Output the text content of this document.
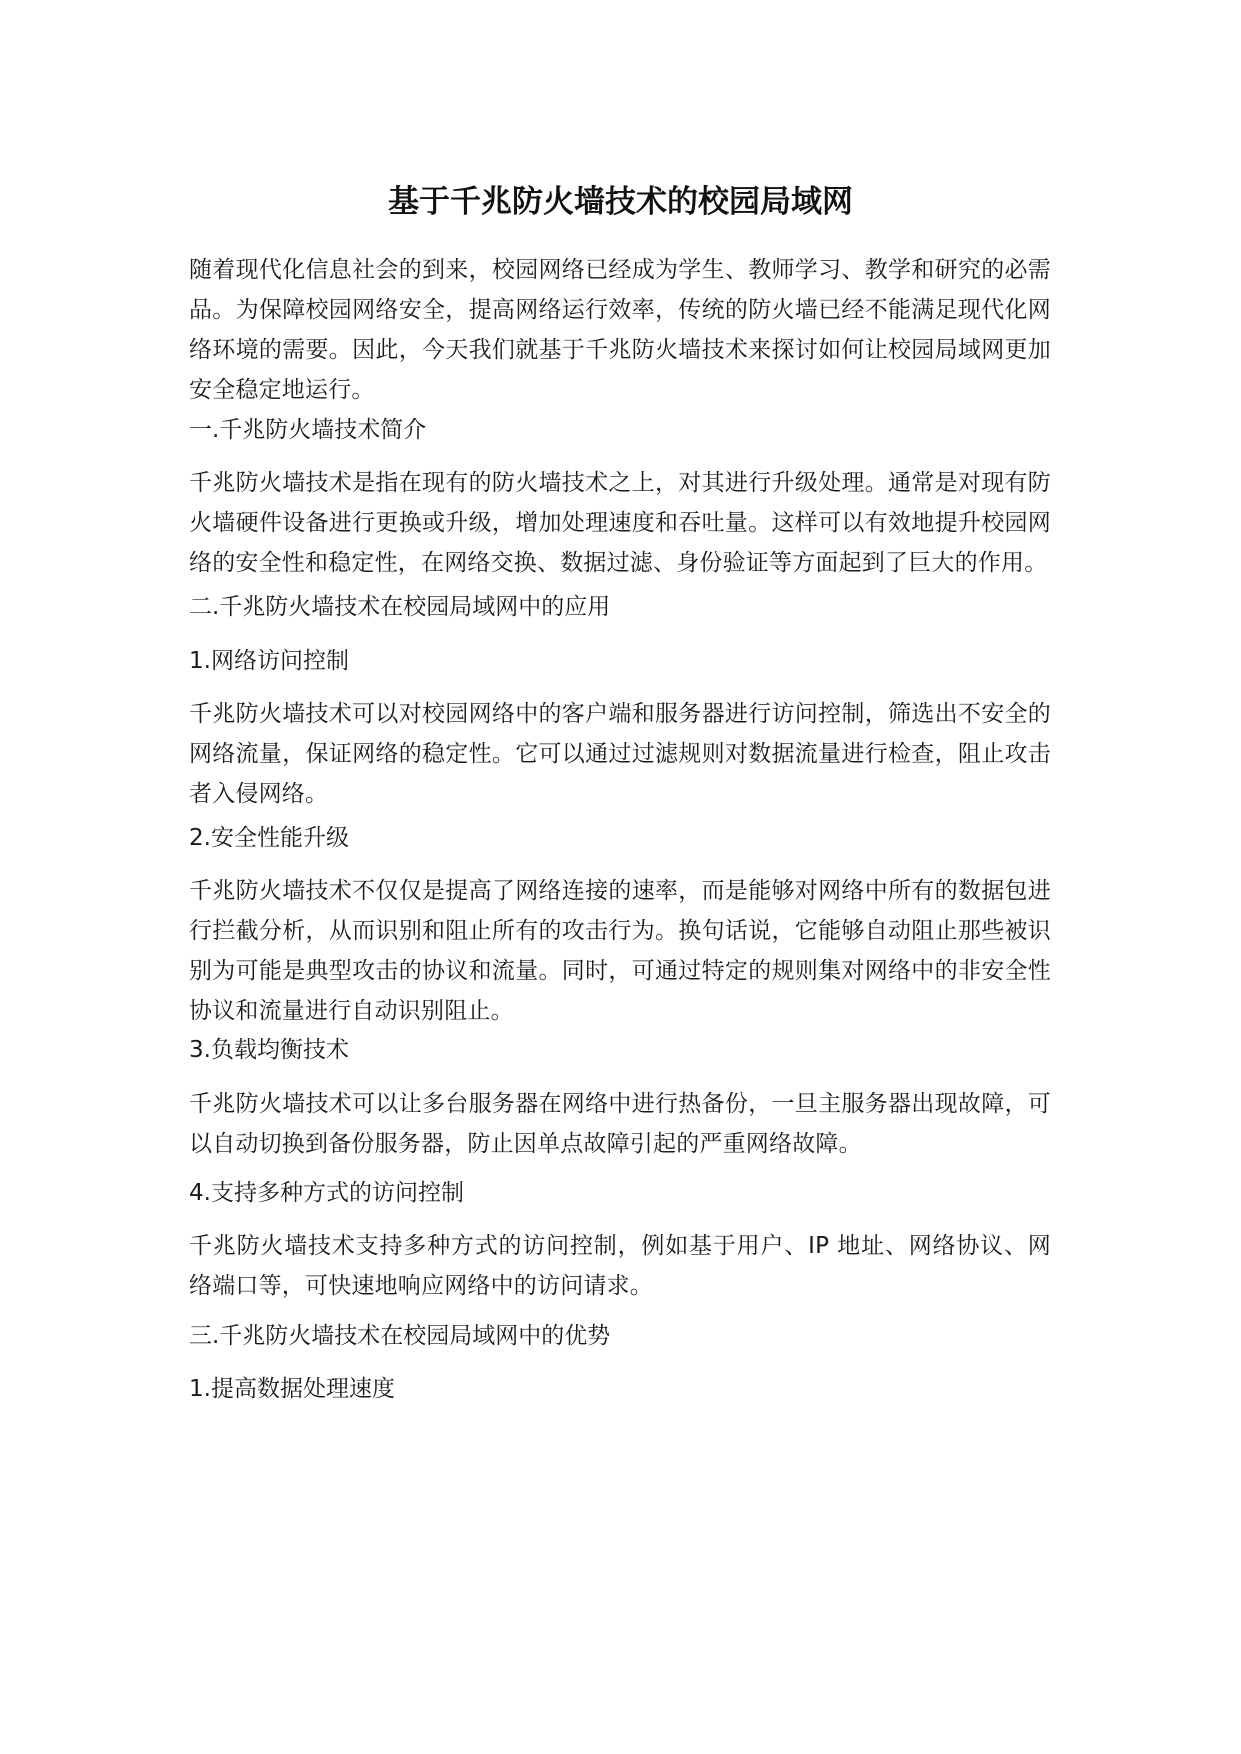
基于千兆防火墙技术的校园局域网

随着现代化信息社会的到来，校园网络已经成为学生、教师学习、教学和研究的必需品。为保障校园网络安全，提高网络运行效率，传统的防火墙已经不能满足现代化网络环境的需要。因此，今天我们就基于千兆防火墙技术来探讨如何让校园局域网更加安全稳定地运行。

一.千兆防火墙技术简介

千兆防火墙技术是指在现有的防火墙技术之上，对其进行升级处理。通常是对现有防火墙硬件设备进行更换或升级，增加处理速度和吞吐量。这样可以有效地提升校园网络的安全性和稳定性，在网络交换、数据过滤、身份验证等方面起到了巨大的作用。

二.千兆防火墙技术在校园局域网中的应用

1.网络访问控制

千兆防火墙技术可以对校园网络中的客户端和服务器进行访问控制，筛选出不安全的网络流量，保证网络的稳定性。它可以通过过滤规则对数据流量进行检查，阻止攻击者入侵网络。

2.安全性能升级

千兆防火墙技术不仅仅是提高了网络连接的速率，而是能够对网络中所有的数据包进行拦截分析，从而识别和阻止所有的攻击行为。换句话说，它能够自动阻止那些被识别为可能是典型攻击的协议和流量。同时，可通过特定的规则集对网络中的非安全性协议和流量进行自动识别阻止。

3.负载均衡技术

千兆防火墙技术可以让多台服务器在网络中进行热备份，一旦主服务器出现故障，可以自动切换到备份服务器，防止因单点故障引起的严重网络故障。

4.支持多种方式的访问控制

千兆防火墙技术支持多种方式的访问控制，例如基于用户、IP 地址、网络协议、网络端口等，可快速地响应网络中的访问请求。

三.千兆防火墙技术在校园局域网中的优势

1.提高数据处理速度
